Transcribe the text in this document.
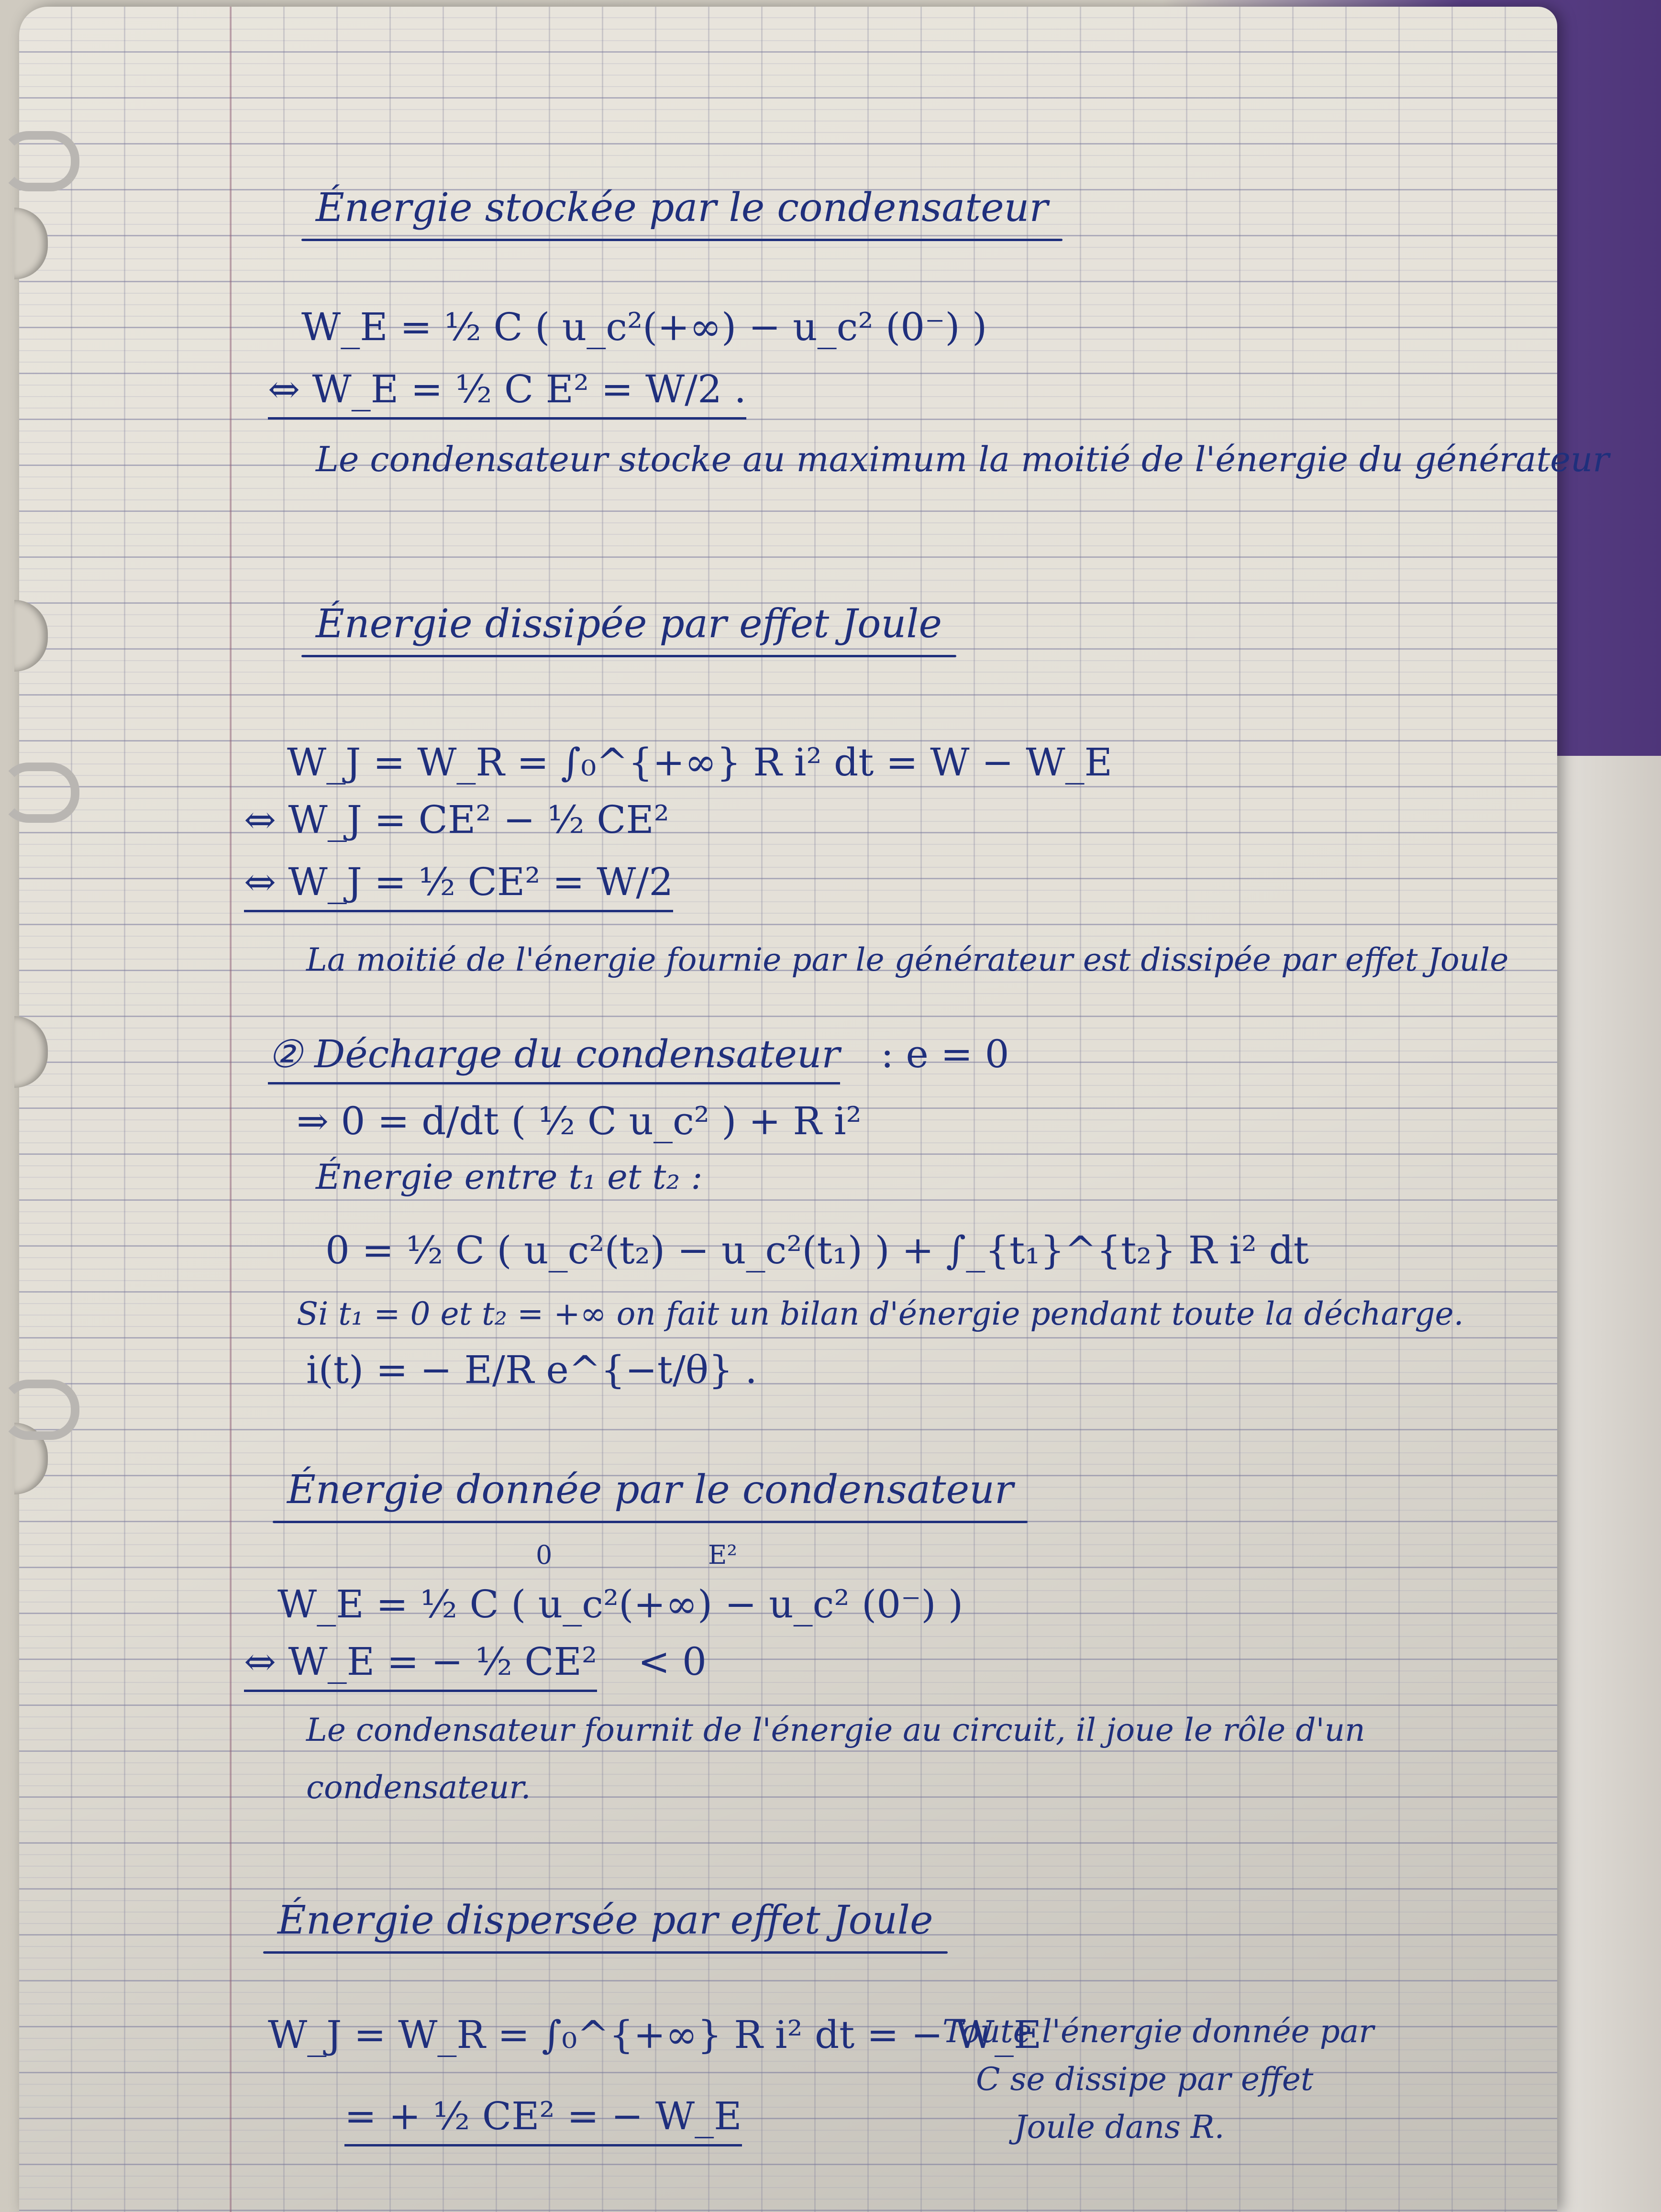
Énergie stockée par le condensateur
W_E = ½ C ( u_c²(+∞) − u_c² (0⁻) )
⇔ W_E = ½ C E² = W/2 .
Le condensateur stocke au maximum la moitié de l'énergie du générateur
Énergie dissipée par effet Joule
W_J = W_R = ∫₀^{+∞} R i² dt = W − W_E
⇔ W_J = CE² − ½ CE²
⇔ W_J = ½ CE² = W/2
La moitié de l'énergie fournie par le générateur est dissipée par effet Joule
② Décharge du condensateur : e = 0
⇒ 0 = d/dt ( ½ C u_c² ) + R i²
Énergie entre t₁ et t₂ :
0 = ½ C ( u_c²(t₂) − u_c²(t₁) ) + ∫_{t₁}^{t₂} R i² dt
Si t₁ = 0 et t₂ = +∞ on fait un bilan d'énergie pendant toute la décharge.
i(t) = − E/R e^{−t/θ} .
Énergie donnée par le condensateur
0	E²
W_E = ½ C ( u_c²(+∞) − u_c² (0⁻) )
⇔ W_E = − ½ CE² < 0
Le condensateur fournit de l'énergie au circuit, il joue le rôle d'un
condensateur.
Énergie dispersée par effet Joule
W_J = W_R = ∫₀^{+∞} R i² dt = − W_E
= + ½ CE² = − W_E
Toute l'énergie donnée par
C se dissipe par effet
Joule dans R.
